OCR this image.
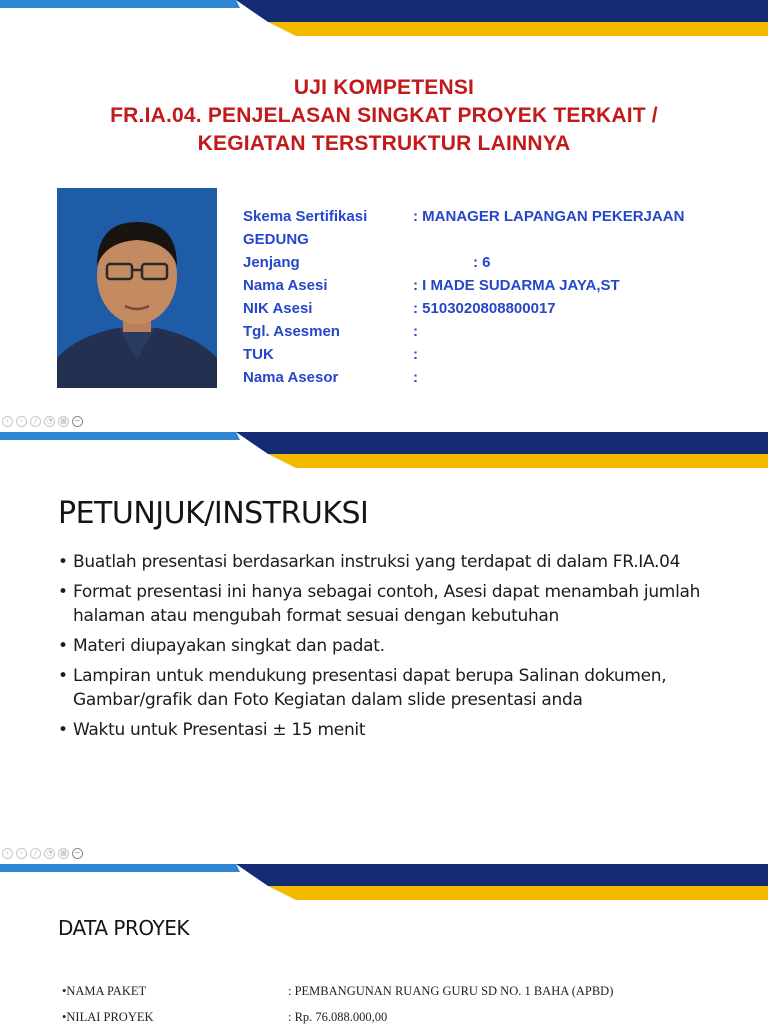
UJI KOMPETENSI
FR.IA.04. PENJELASAN SINGKAT PROYEK TERKAIT /
KEGIATAN TERSTRUKTUR LAINNYA
Skema Sertifikasi	: MANAGER LAPANGAN PEKERJAAN
GEDUNG
Jenjang	: 6
Nama Asesi	: I MADE SUDARMA JAYA,ST
NIK Asesi	: 5103020808800017
Tgl. Asesmen	:
TUK	:
Nama Asesor	:
‹	›	/	◔	▦	−
PETUNJUK/INSTRUKSI
• Buatlah presentasi berdasarkan instruksi yang terdapat di dalam FR.IA.04
• Format presentasi ini hanya sebagai contoh, Asesi dapat menambah jumlah halaman atau mengubah format sesuai dengan kebutuhan
• Materi diupayakan singkat dan padat.
• Lampiran untuk mendukung presentasi dapat berupa Salinan dokumen, Gambar/grafik dan Foto Kegiatan dalam slide presentasi anda
• Waktu untuk Presentasi ± 15 menit
‹	›	/	◔	▦	−
DATA PROYEK
•NAMA PAKET	: PEMBANGUNAN RUANG GURU SD NO. 1 BAHA (APBD)
•NILAI PROYEK	: Rp. 76.088.000,00
